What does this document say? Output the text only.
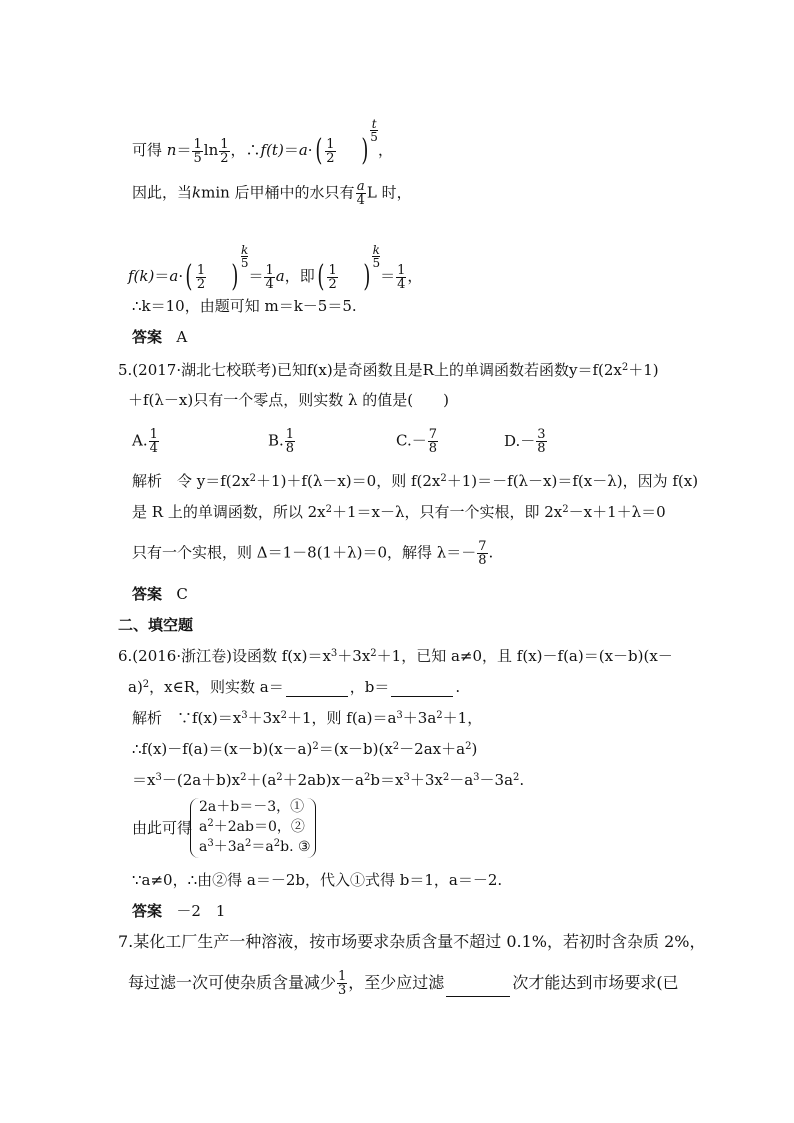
可得 $n= \frac{1}{5}$ $\ln \frac{1}{2}$ ，∴f(t)＝a·( $\frac{1}{2}$ )
$\frac{t}{5}$
，
因此，当kmin 后甲桶中的水只有 $\frac{a}{4}$ L 时，
$f(k)=a\cdot( \frac{1}{2}$ )
$\frac{k}{5}$
＝ $\frac{1}{4}$ a，即( $\frac{1}{2}$ )
$\frac{k}{5}$
＝ $\frac{1}{4}$ ，
∴k＝10，由题可知 m＝k－5＝5.
答案 A
5.(2017·湖北七校联考)已知f(x)是奇函数且是R上的单调函数若函数$y=f(2x^2+1)$
＋f(λ－x)只有一个零点，则实数 λ 的值是(　　)
A. $\frac{1}{4}$	B. $\frac{1}{8}$	$C.- \frac{7}{8}$	$D.- \frac{3}{8}$
解析　令 $y=f(2x^2+1)+f(\lambda-x)=0$，则 $f(2x^2+1)=-f(\lambda-x)=f(x-\lambda)$，因为 f(x)
是 R 上的单调函数，所以 $2x^2+1=x-\lambda$，只有一个实根，即 $2x^2-x+1+\lambda=0$
只有一个实根，则 Δ＝1－8(1＋λ)＝0，解得 $\lambda=- \frac{7}{8}$ .
答案 C
二、填空题
6.(2016·浙江卷)设函数 $f(x)=x^3+3x^2+1$，已知 a≠0，且 f(x)－f(a)＝(x－b)(x－
a)$^2$，x∈R，则实数 a＝	，b＝	.
解析　$\because f(x)=x^3+3x^2+1$，则 $f(a)=a^3+3a^2+1$，
$\therefore f(x)-f(a)=(x-b)(x-a)^2=(x-b)(x^2-2ax+a^2)$
$=x^3-(2a+b)x^2+(a^2+2ab)x-a^2b=x^3+3x^2-a^3-3a^2$.
由此可得
2a＋b＝－3，①
$a^2+2ab=0$，②
$a^3+3a^2=a^2b$. ③
∵a≠0，∴由②得 a＝－2b，代入①式得 b＝1，a＝－2.
答案 －2　1
7.某化工厂生产一种溶液，按市场要求杂质含量不超过 0.1%，若初时含杂质 2%，
每过滤一次可使杂质含量减少 $\frac{1}{3}$ ，至少应过滤	次才能达到市场要求(已
